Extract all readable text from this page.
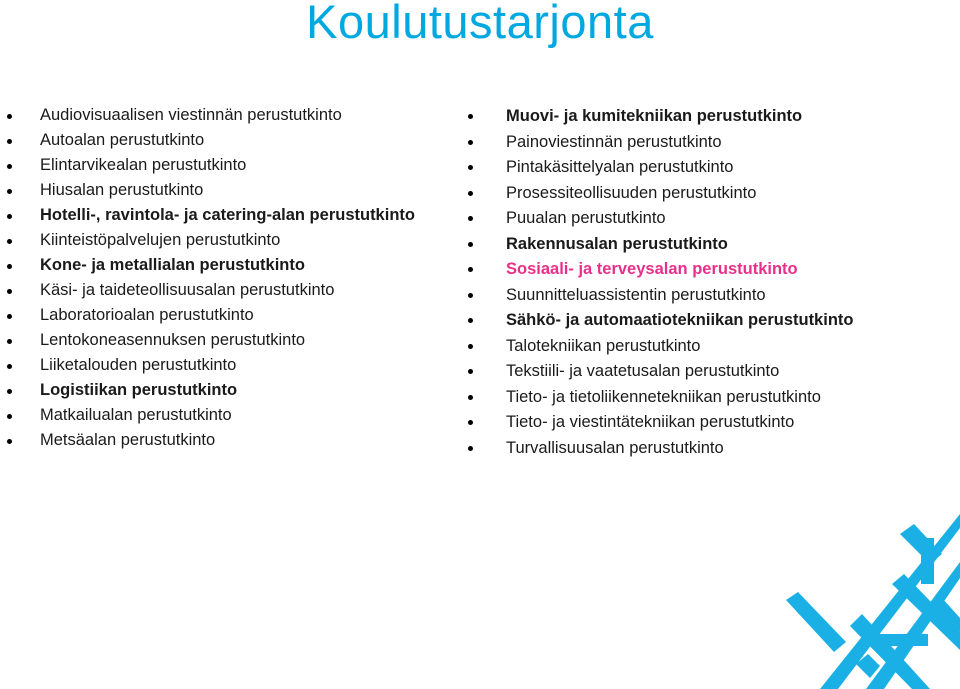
Koulutustarjonta
Audiovisuaalisen viestinnän perustutkinto
Autoalan perustutkinto
Elintarvikealan perustutkinto
Hiusalan perustutkinto
Hotelli-, ravintola- ja catering-alan perustutkinto
Kiinteistöpalvelujen perustutkinto
Kone- ja metallialan perustutkinto
Käsi- ja taideteollisuusalan perustutkinto
Laboratorioalan perustutkinto
Lentokoneasennuksen perustutkinto
Liiketalouden perustutkinto
Logistiikan perustutkinto
Matkailualan perustutkinto
Metsäalan perustutkinto
Muovi- ja kumitekniikan perustutkinto
Painoviestinnän perustutkinto
Pintakäsittelyalan perustutkinto
Prosessiteollisuuden perustutkinto
Puualan perustutkinto
Rakennusalan perustutkinto
Sosiaali- ja terveysalan perustutkinto
Suunnitteluassistentin perustutkinto
Sähkö- ja automaatiotekniikan perustutkinto
Talotekniikan perustutkinto
Tekstiili- ja vaatetusalan perustutkinto
Tieto- ja tietoliikennetekniikan perustutkinto
Tieto- ja viestintätekniikan perustutkinto
Turvallisuusalan perustutkinto
